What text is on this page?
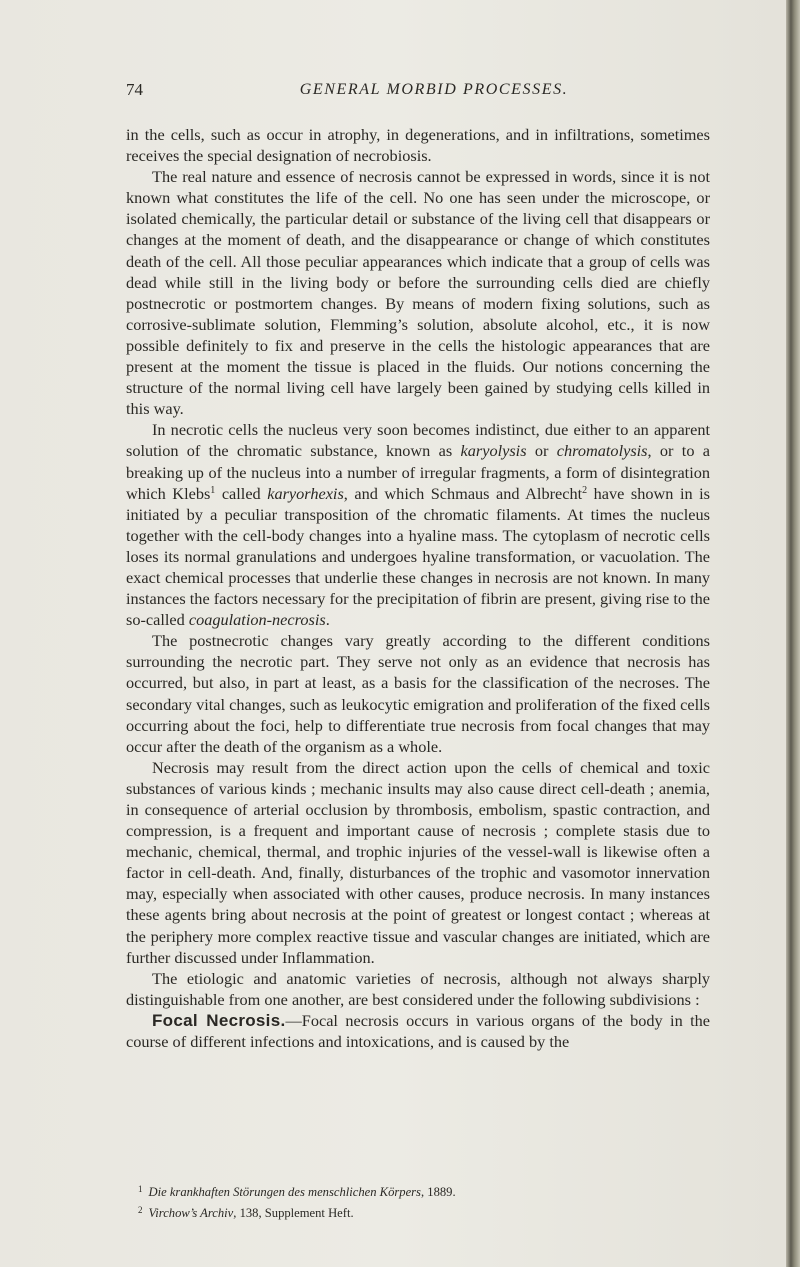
74	GENERAL MORBID PROCESSES.

in the cells, such as occur in atrophy, in degenerations, and in infiltrations, sometimes receives the special designation of necrobiosis.

The real nature and essence of necrosis cannot be expressed in words, since it is not known what constitutes the life of the cell. No one has seen under the microscope, or isolated chemically, the particular detail or substance of the living cell that disappears or changes at the moment of death, and the disappearance or change of which constitutes death of the cell. All those peculiar appearances which indicate that a group of cells was dead while still in the living body or before the surrounding cells died are chiefly postnecrotic or postmortem changes. By means of modern fixing solutions, such as corrosive-sublimate solution, Flemming’s solution, absolute alcohol, etc., it is now possible definitely to fix and preserve in the cells the histologic appearances that are present at the moment the tissue is placed in the fluids. Our notions concerning the structure of the normal living cell have largely been gained by studying cells killed in this way.

In necrotic cells the nucleus very soon becomes indistinct, due either to an apparent solution of the chromatic substance, known as karyolysis or chromatolysis, or to a breaking up of the nucleus into a number of irregular fragments, a form of disintegration which Klebs$^1$ called karyorhexis, and which Schmaus and Albrecht$^2$ have shown in is initiated by a peculiar transposition of the chromatic filaments. At times the nucleus together with the cell-body changes into a hyaline mass. The cytoplasm of necrotic cells loses its normal granulations and undergoes hyaline transformation, or vacuolation. The exact chemical processes that underlie these changes in necrosis are not known. In many instances the factors necessary for the precipitation of fibrin are present, giving rise to the so-called coagulation-necrosis.

The postnecrotic changes vary greatly according to the different conditions surrounding the necrotic part. They serve not only as an evidence that necrosis has occurred, but also, in part at least, as a basis for the classification of the necroses. The secondary vital changes, such as leukocytic emigration and proliferation of the fixed cells occurring about the foci, help to differentiate true necrosis from focal changes that may occur after the death of the organism as a whole.

Necrosis may result from the direct action upon the cells of chemical and toxic substances of various kinds ; mechanic insults may also cause direct cell-death ; anemia, in consequence of arterial occlusion by thrombosis, embolism, spastic contraction, and compression, is a frequent and important cause of necrosis ; complete stasis due to mechanic, chemical, thermal, and trophic injuries of the vessel-wall is likewise often a factor in cell-death. And, finally, disturbances of the trophic and vasomotor innervation may, especially when associated with other causes, produce necrosis. In many instances these agents bring about necrosis at the point of greatest or longest contact ; whereas at the periphery more complex reactive tissue and vascular changes are initiated, which are further discussed under Inflammation.

The etiologic and anatomic varieties of necrosis, although not always sharply distinguishable from one another, are best considered under the following subdivisions :

Focal Necrosis.—Focal necrosis occurs in various organs of the body in the course of different infections and intoxications, and is caused by the

$^1$ Die krankhaften Störungen des menschlichen Körpers, 1889.

$^2$ Virchow’s Archiv, 138, Supplement Heft.
